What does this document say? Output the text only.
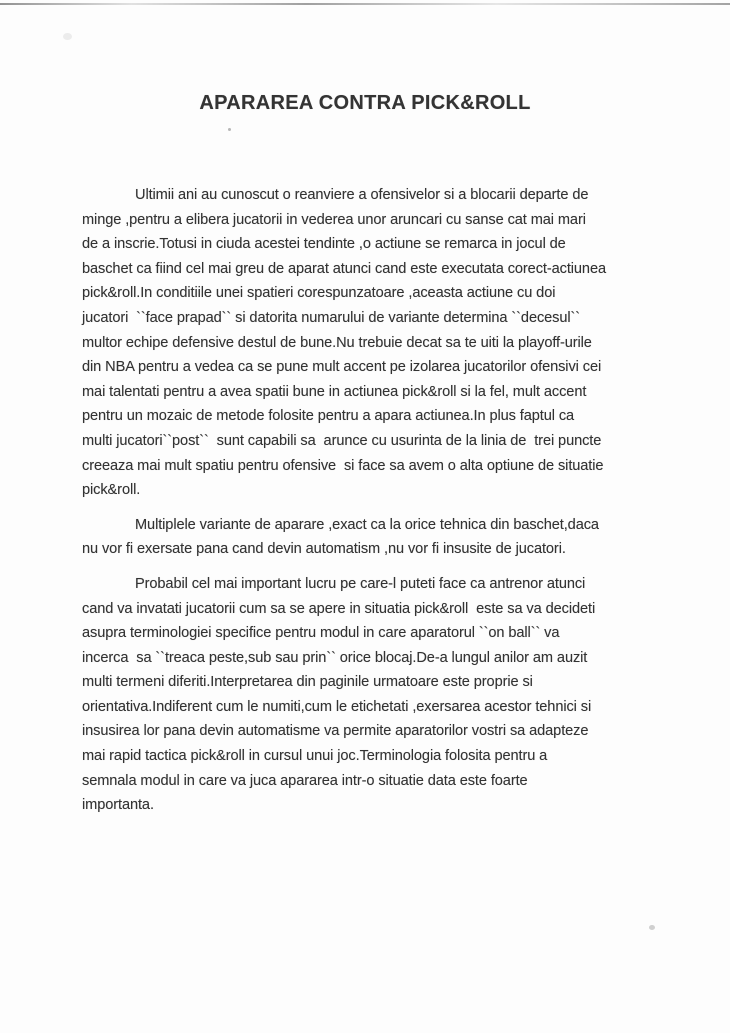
APARAREA CONTRA PICK&ROLL

Ultimii ani au cunoscut o reanviere a ofensivelor si a blocarii departe de
minge ,pentru a elibera jucatorii in vederea unor aruncari cu sanse cat mai mari
de a inscrie.Totusi in ciuda acestei tendinte ,o actiune se remarca in jocul de
baschet ca fiind cel mai greu de aparat atunci cand este executata corect-actiunea
pick&roll.In conditiile unei spatieri corespunzatoare ,aceasta actiune cu doi
jucatori  ``face prapad`` si datorita numarului de variante determina ``decesul``
multor echipe defensive destul de bune.Nu trebuie decat sa te uiti la playoff-urile
din NBA pentru a vedea ca se pune mult accent pe izolarea jucatorilor ofensivi cei
mai talentati pentru a avea spatii bune in actiunea pick&roll si la fel, mult accent
pentru un mozaic de metode folosite pentru a apara actiunea.In plus faptul ca
multi jucatori``post``  sunt capabili sa  arunce cu usurinta de la linia de  trei puncte
creeaza mai mult spatiu pentru ofensive  si face sa avem o alta optiune de situatie
pick&roll.

Multiplele variante de aparare ,exact ca la orice tehnica din baschet,daca
nu vor fi exersate pana cand devin automatism ,nu vor fi insusite de jucatori.

Probabil cel mai important lucru pe care-l puteti face ca antrenor atunci
cand va invatati jucatorii cum sa se apere in situatia pick&roll  este sa va decideti
asupra terminologiei specifice pentru modul in care aparatorul ``on ball`` va
incerca  sa ``treaca peste,sub sau prin`` orice blocaj.De-a lungul anilor am auzit
multi termeni diferiti.Interpretarea din paginile urmatoare este proprie si
orientativa.Indiferent cum le numiti,cum le etichetati ,exersarea acestor tehnici si
insusirea lor pana devin automatisme va permite aparatorilor vostri sa adapteze
mai rapid tactica pick&roll in cursul unui joc.Terminologia folosita pentru a
semnala modul in care va juca apararea intr-o situatie data este foarte
importanta.
